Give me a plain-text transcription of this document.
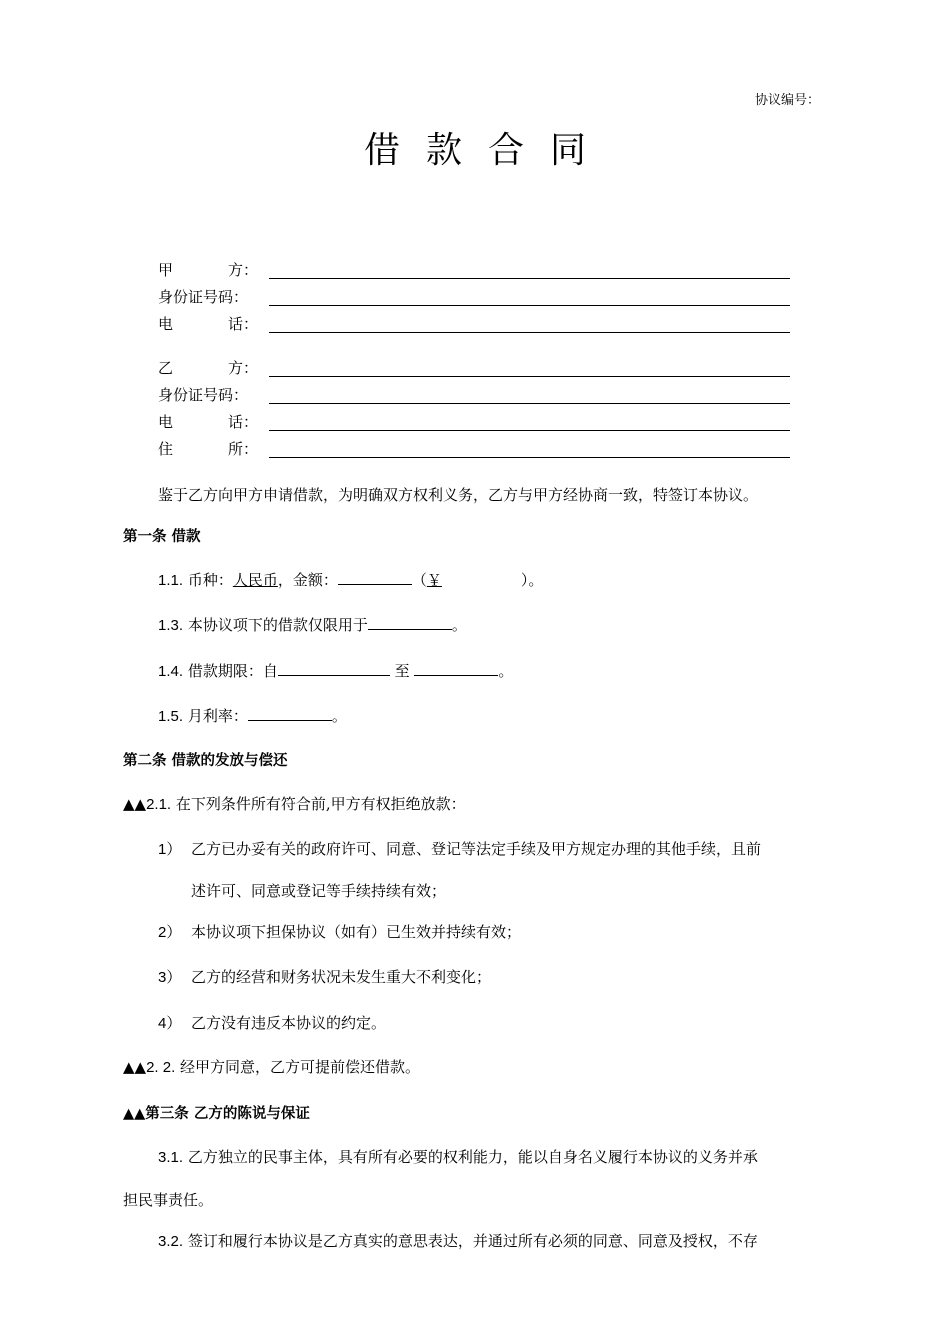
协议编号：
借款合同
甲	方：
身份证号码：
电	话：
乙	方：
身份证号码：
电	话：
住	所：
鉴于乙方向甲方申请借款，为明确双方权利义务，乙方与甲方经协商一致，特签订本协议。
第一条 借款
1.1. 币种：人民币，金额：	（￥	）。
1.3. 本协议项下的借款仅限用于	。
1.4. 借款期限：自	至	。
1.5. 月利率：	。
第二条 借款的发放与偿还
▲▲2.1. 在下列条件所有符合前,甲方有权拒绝放款：
1） 乙方已办妥有关的政府许可、同意、登记等法定手续及甲方规定办理的其他手续，且前
述许可、同意或登记等手续持续有效；
2） 本协议项下担保协议（如有）已生效并持续有效；
3） 乙方的经营和财务状况未发生重大不利变化；
4） 乙方没有违反本协议的约定。
▲▲2. 2. 经甲方同意，乙方可提前偿还借款。
▲▲第三条 乙方的陈说与保证
3.1. 乙方独立的民事主体，具有所有必要的权利能力，能以自身名义履行本协议的义务并承
担民事责任。
3.2. 签订和履行本协议是乙方真实的意思表达，并通过所有必须的同意、同意及授权，不存
